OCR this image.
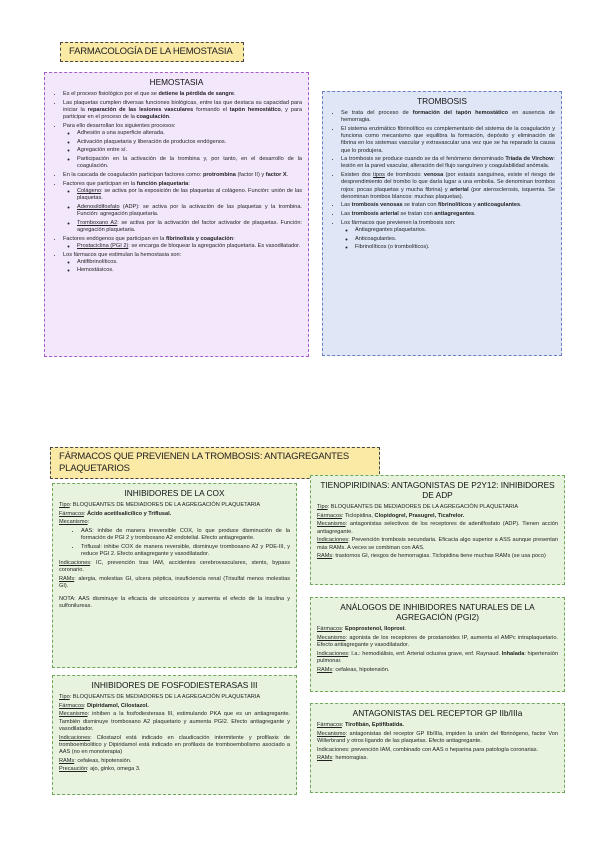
FARMACOLOGÍA DE LA HEMOSTASIA
HEMOSTASIA
• Es el proceso fisiológico por el que se detiene la pérdida de sangre.
• Las plaquetas cumplen diversas funciones biológicas, entre las que destaca su capacidad para iniciar la reparación de las lesiones vasculares formando el tapón hemostático, y para participar en el proceso de la coagulación.
• Para ello desarrollan los siguientes procesos:
◦ Adhesión a una superficie alterada.
◦ Activación plaquetaria y liberación de productos endógenos.
◦ Agregación entre sí.
◦ Participación en la activación de la trombina y, por tanto, en el desarrollo de la coagulación.
• En la cascada de coagulación participan factores como: protrombina (factor II) y factor X.
• Factores que participan en la función plaquetaria:
◦ Colágeno: se activa por la exposición de las plaquetas al colágeno. Función: unión de las plaquetas.
◦ Adenosildifosfato (ADP): se activa por la activación de las plaquetas y la trombina. Función: agregación plaquetaria.
◦ Tromboxano A2: se activa por la activación del factor activador de plaquetas. Función: agregación plaquetaria.
• Factores endógenos que participan en la fibrinolisis y coagulación:
◦ Prostaciclina (PGI 2): se encarga de bloquear la agregación plaquetaria. Es vasodilatador.
• Los fármacos que estimulan la hemostasia son:
◦ Antifibrinolíticos.
◦ Hemostásicos.
TROMBOSIS
• Se trata del proceso de formación del tapón hemostático en ausencia de hemorragia.
• El sistema enzimático fibrinolítico es complementario del sistema de la coagulación y funciona como mecanismo que equilibra la formación, depósito y eliminación de fibrina en los sistemas vascular y extravascular una vez que se ha reparado la causa que lo produjera.
• La trombosis se produce cuando se da el fenómeno denominado Tríada de Virchow: lesión en la pared vascular, alteración del flujo sanguíneo y coagulabilidad anómala.
• Existen dos tipos de trombosis: venosa (por estasis sanguínea, existe el riesgo de desprendimiento del trombo lo que daría lugar a una embolia. Se denominan trombos rojos: pocas plaquetas y mucha fibrina) y arterial (por aterosclerosis, isquemia. Se denominan trombos blancos: muchas plaquetas).
• Las trombosis venosas se tratan con fibrinolíticos y anticoagulantes.
• Las trombosis arterial se tratan con antiagregantes.
• Los fármacos que previenen la trombosis son:
◦ Antiagregantes plaquetarios.
◦ Anticoagulantes.
◦ Fibrinolíticos (o trombolíticos).
FÁRMACOS QUE PREVIENEN LA TROMBOSIS: ANTIAGREGANTES PLAQUETARIOS
INHIBIDORES DE LA COX

Tipo: BLOQUEANTES DE MEDIADORES DE LA AGREGACIÓN PLAQUETARIA

Fármacos: Ácido acetilsalicílico y Triflusal.

Mecanismo:

• AAS: inhibe de manera irreversible COX, lo que produce disminución de la formación de PGI 2 y tromboxano A2 endotelial. Efecto antiagregante.
• Triflusal: inhibe COX de manera reversible, disminuye tromboxano A2 y PDE-III, y reduce PGI 2. Efecto antiagregante y vasodilatador.

Indicaciones: IC, prevención tras IAM, accidentes cerebrovasculares, stents, bypass coronario.

RAMs: alergia, molestias GI, ulcera péptica, insuficiencia renal (Trisulfal menos molestias GI).

NOTA: AAS disminuye la eficacia de uricosúricos y aumenta el efecto de la insulina y sulfonilureas.

TIENOPIRIDINAS: ANTAGONISTAS DE P2Y12: INHIBIDORES DE ADP

Tipo: BLOQUEANTES DE MEDIADORES DE LA AGREGACIÓN PLAQUETARIA

Fármacos: Ticlopidina, Clopidogrel, Prasugrel, Ticafrelor.

Mecanismo: antagonistas selectivos de los receptores de adenilfosfato (ADP). Tienen acción antiagregante.

Indicaciones: Prevención trombosis secundaria. Eficacia algo superior a ASS aunque presentan más RAMs. A veces se combinan con AAS.

RAMs: trastornos GI, riesgos de hemorragias. Ticlopidina tiene muchas RAMs (se usa poco)

ANÁLOGOS DE INHIBIDORES NATURALES DE LA AGREGACIÓN (PGI2)

Fármacos: Epoprostenol, Iloprost.

Mecanismo: agonista de los receptores de prostanoides IP, aumenta el AMPc intraplaquetario. Efecto antiagregante y vasodilatador.

Indicaciones: I.a.: hemodiálisis, enf. Arterial oclusiva grave, enf. Raynaud. Inhalada: hipertensión pulmonar.

RAMs: cefaleas, hipotensión.

INHIBIDORES DE FOSFODIESTERASAS III

Tipo: BLOQUEANTES DE MEDIADORES DE LA AGREGACIÓN PLAQUETARIA

Fármacos: Dipiridamol, Cilostazol.

Mecanismo: inhiben a la fosfodiesterasa III, estimulando PKA que es un antiagregante. También disminuye tromboxano A2 plaquetario y aumenta PGI2. Efecto antiagregante y vasodilatador.

Indicaciones: Cilostazol está indicado en claudicación intermitente y profilaxis de tromboembolitico y Dipiridamol está indicado en profilaxis de tromboembolismo asociado a AAS (no en monoterapia)

RAMs: cefaleas, hipotensión.

Precaución: ajo, ginko, omega 3.

ANTAGONISTAS DEL RECEPTOR GP IIb/IIIa

Fármacos: Tirofibán, Eptifibatida.

Mecanismo: antagonistas del receptor GP IIb/IIIa, impiden la unión del fibrinógeno, factor Von Willerbrand y otros ligando de las plaquetas. Efecto antiagregante.

Indicaciones: prevención IAM, combinado con AAS o heparina para patología coronarias.

RAMs: hemorragias.
